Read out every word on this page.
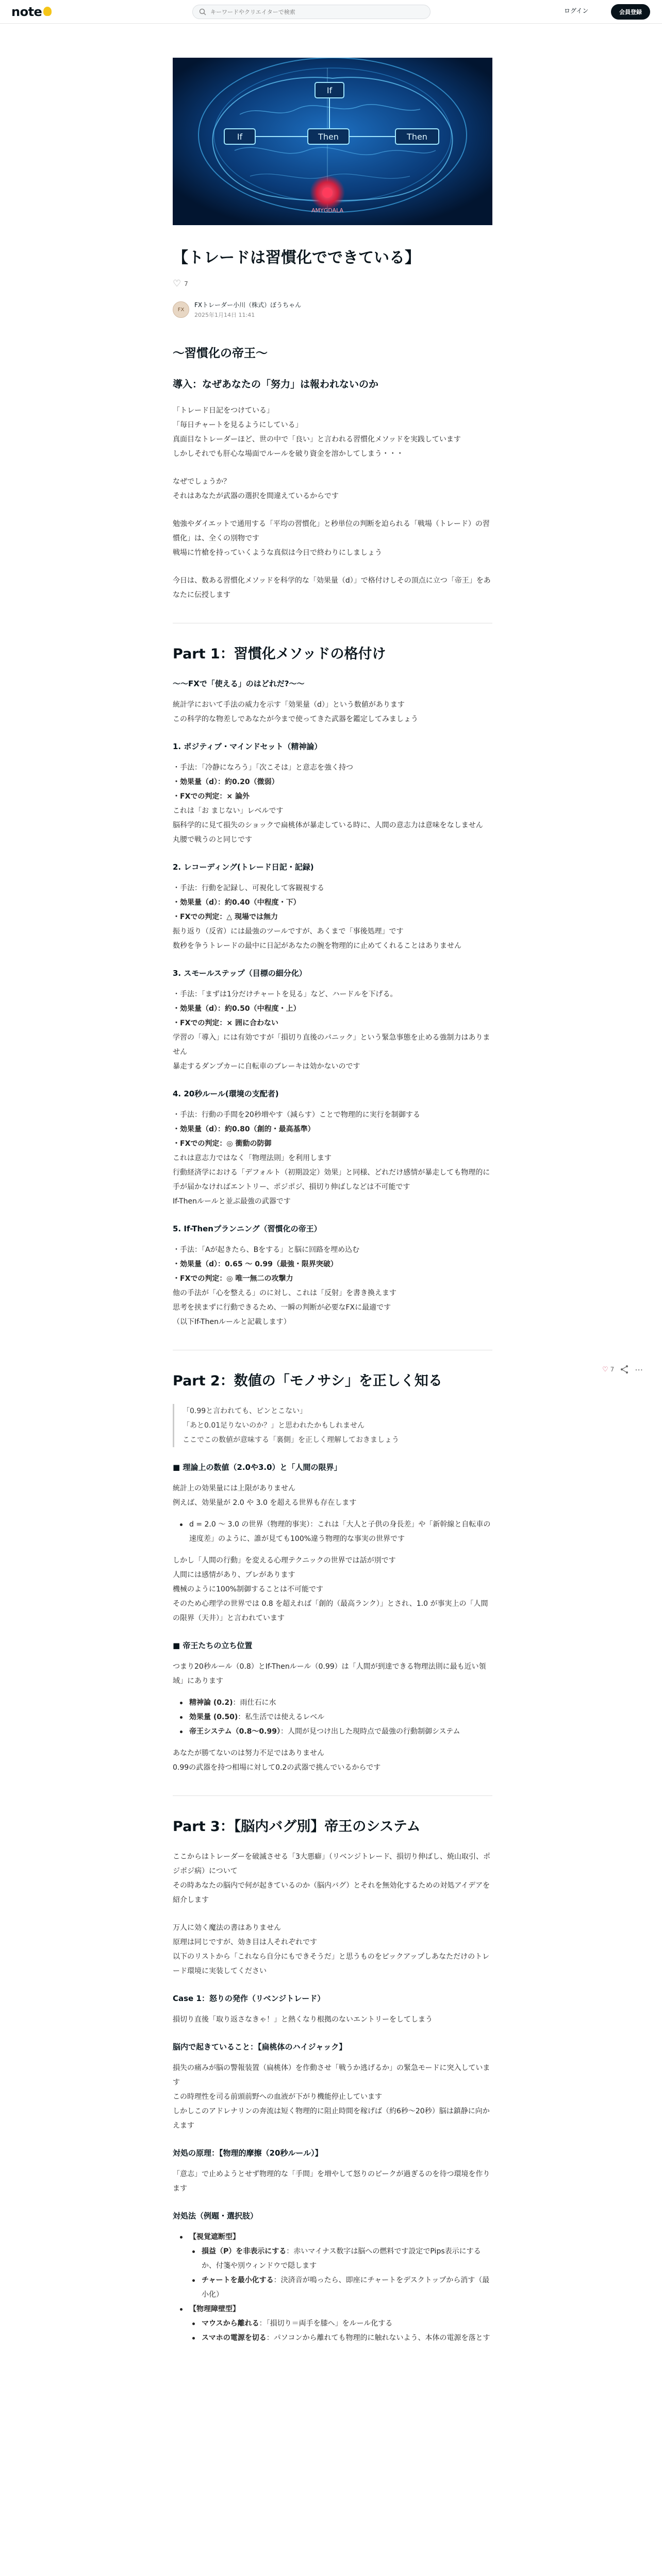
note
キーワードやクリエイターで検索	ログイン	会員登録
If
If	Then	Then
AMYGDALA
【トレードは習慣化でできている】
♡ 7
FX
FXトレーダー小川（株式）ぼうちゃん
2025年1月14日 11:41
〜習慣化の帝王〜
導入：なぜあなたの「努力」は報われないのか
「トレード日記をつけている」
「毎日チャートを見るようにしている」
真面目なトレーダーほど、世の中で「良い」と言われる習慣化メソッドを実践しています
しかしそれでも肝心な場面でルールを破り資金を溶かしてしまう・・・
なぜでしょうか？
それはあなたが武器の選択を間違えているからです
勉強やダイエットで通用する「平均の習慣化」と秒単位の判断を迫られる「戦場（トレード）の習慣化」は、全くの別物です
戦場に竹槍を持っていくような真似は今日で終わりにしましょう
今日は、数ある習慣化メソッドを科学的な「効果量（d）」で格付けしその頂点に立つ「帝王」をあなたに伝授します
Part 1：習慣化メソッドの格付け
〜〜FXで「使える」のはどれだ?〜〜
統計学において手法の威力を示す「効果量（d）」という数値があります
この科学的な物差しであなたが今まで使ってきた武器を鑑定してみましょう
1. ポジティブ・マインドセット（精神論）
・手法：「冷静になろう」「次こそは」と意志を強く持つ
・効果量（d）：約0.20（微弱）
・FXでの判定：× 論外
これは「お まじない」レベルです
脳科学的に見て損失のショックで扁桃体が暴走している時に、人間の意志力は意味をなしません
丸腰で戦うのと同じです
2. レコーディング(トレード日記・記録)
・手法：行動を記録し、可視化して客観視する
・効果量（d）：約0.40（中程度・下）
・FXでの判定：△ 現場では無力
振り返り（反省）には最強のツールですが、あくまで「事後処理」です
数秒を争うトレードの最中に日記があなたの腕を物理的に止めてくれることはありません
3. スモールステップ（目標の細分化）
・手法：「まずは1分だけチャートを見る」など、ハードルを下げる。
・効果量（d）：約0.50（中程度・上）
・FXでの判定：× 囲に合わない
学習の「導入」には有効ですが「損切り直後のパニック」という緊急事態を止める強制力はありません
暴走するダンプカーに自転車のブレーキは効かないのです
4. 20秒ルール(環境の支配者)
・手法：行動の手間を20秒増やす（減らす）ことで物理的に実行を制御する
・効果量（d）：約0.80（創的・最高基準）
・FXでの判定：◎ 衝動の防御
これは意志力ではなく「物理法則」を利用します
行動経済学における「デフォルト（初期設定）効果」と同様、どれだけ感情が暴走しても物理的に手が届かなければエントリー、ポジポジ、損切り伸ばしなどは不可能です
If-Thenルールと並ぶ最強の武器です
5. If-Thenプランニング（習慣化の帝王）
・手法：「Aが起きたら、Bをする」と脳に回路を埋め込む
・効果量（d）：0.65 〜 0.99（最強・限界突破）
・FXでの判定：◎ 唯一無二の攻撃力
他の手法が「心を整える」のに対し、これは「反射」を書き換えます
思考を挟まずに行動できるため、一瞬の判断が必要なFXに最適です
（以下If-Thenルールと記載します）
Part 2：数値の「モノサシ」を正しく知る
「0.99と言われても、ピンとこない」
「あと0.01足りないのか？」と思われたかもしれません
ここでこの数値が意味する「裏側」を正しく理解しておきましょう
■ 理論上の数値（2.0や3.0）と「人間の限界」
統計上の効果量には上限がありません
例えば、効果量が 2.0 や 3.0 を超える世界も存在します
d = 2.0 〜 3.0 の世界（物理的事実）：これは「大人と子供の身長差」や「新幹線と自転車の速度差」のように、誰が見ても100%違う物理的な事実の世界です
しかし「人間の行動」を変える心理テクニックの世界では話が別です
人間には感情があり、ブレがあります
機械のように100%制御することは不可能です
そのため心理学の世界では 0.8 を超えれば「創的（最高ランク）」とされ、1.0 が事実上の「人間の限界（天井）」と言われています
■ 帝王たちの立ち位置
つまり20秒ルール（0.8）とIf-Thenルール（0.99）は「人間が到達できる物理法則に最も近い領域」にあります
精神論 (0.2)：雨仕石に水
効果量 (0.50)：私生活では使えるレベル
帝王システム（0.8〜0.99）：人間が見つけ出した現時点で最強の行動制御システム
あなたが勝てないのは努力不足ではありません
0.99の武器を持つ相場に対して0.2の武器で挑んでいるからです
Part 3：【脳内バグ別】帝王のシステム
ここからはトレーダーを破滅させる「3大悪癖」（リベンジトレード、損切り伸ばし、焼山取引、ポジポジ病）について
その時あなたの脳内で何が起きているのか（脳内バグ）とそれを無効化するための対処アイデアを紹介します
万人に効く魔法の書はありません
原理は同じですが、効き目は人それぞれです
以下のリストから「これなら自分にもできそうだ」と思うものをピックアップしあなただけのトレード環境に実装してください
Case 1：怒りの発作（リベンジトレード）
損切り直後「取り返さなきゃ！」と熱くなり根拠のないエントリーをしてしまう
脳内で起きていること：【扁桃体のハイジャック】
損失の痛みが脳の警報装置（扁桃体）を作動させ「戦うか逃げるか」の緊急モードに突入しています
この時理性を司る前頭前野への血液が下がり機能停止しています
しかしこのアドレナリンの奔流は短く物理的に阻止時間を稼げば（約6秒〜20秒）脳は鎮静に向かえます
対処の原理：【物理的摩擦（20秒ルール）】
「意志」で止めようとせず物理的な「手間」を増やして怒りのピークが過ぎるのを待つ環境を作ります
対処法（例題・選択肢）
【視覚遮断型】
損益（P）を非表示にする：赤いマイナス数字は脳への燃料です設定でPips表示にするか、付箋や別ウィンドウで隠します
チャートを最小化する：決済音が鳴ったら、即座にチャートをデスクトップから消す（最小化）
【物理障壁型】
マウスから離れる：「損切り＝両手を膝へ」をルール化する
スマホの電源を切る：パソコンから離れても物理的に触れないよう、本体の電源を落とす
♡ 7	⋯
